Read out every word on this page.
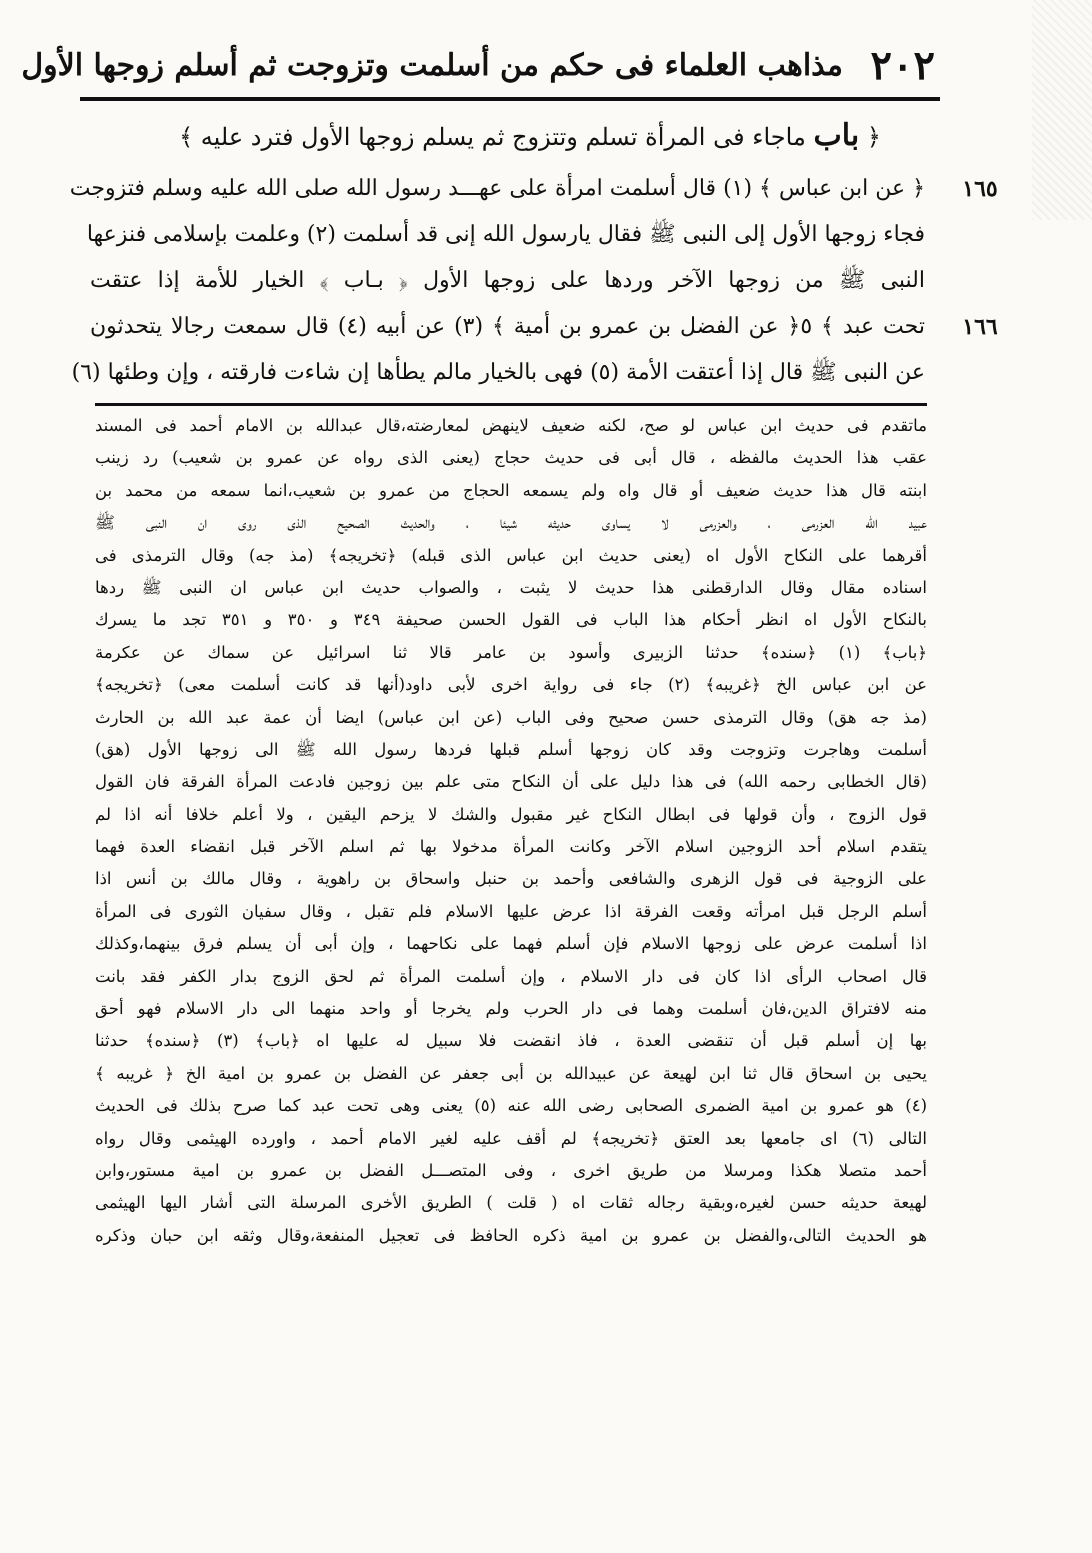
٢٠٢
مذاهب العلماء فى حكم من أسلمت وتزوجت ثم أسلم زوجها الأول
﴿ باب ماجاء فى المرأة تسلم وتتزوج ثم يسلم زوجها الأول فترد عليه ﴾
١٦٥
﴿ عن ابن عباس ﴾ (١) قال أسلمت امرأة على عهـــد رسول الله صلى الله عليه وسلم فتزوجت
فجاء زوجها الأول إلى النبى ﷺ فقال يارسول الله إنى قد أسلمت (٢) وعلمت بإسلامى فنزعها
النبى ﷺ من زوجها الآخر وردها على زوجها الأول ﴿ بـاب ﴾ الخيار للأمة إذا عتقت
١٦٦
تحت عبد ﴾ ٥﴿ عن الفضل بن عمرو بن أمية ﴾ (٣) عن أبيه (٤) قال سمعت رجالا يتحدثون
عن النبى ﷺ قال إذا أعتقت الأمة (٥) فهى بالخيار مالم يطأها إن شاءت فارقته ، وإن وطئها (٦)
ماتقدم فى حديث ابن عباس لو صح، لكنه ضعيف لاينهض لمعارضته،قال عبدالله بن الامام أحمد فى المسند
عقب هذا الحديث مالفظه ، قال أبى فى حديث حجاج (يعنى الذى رواه عن عمرو بن شعيب) رد زينب
ابنته قال هذا حديث ضعيف أو قال واه ولم يسمعه الحجاج من عمرو بن شعيب،انما سمعه من محمد بن
عبيد الله العزرمى ، والعزرمى لا يساوى حديثه شيئا ، والحديث الصحيح الذى روى ان النبى ﷺ
أقرهما على النكاح الأول اه (يعنى حديث ابن عباس الذى قبله) ﴿تخريجه﴾ (مذ جه) وقال الترمذى فى
اسناده مقال وقال الدارقطنى هذا حديث لا يثبت ، والصواب حديث ابن عباس ان النبى ﷺ ردها
بالنكاح الأول اه انظر أحكام هذا الباب فى القول الحسن صحيفة ٣٤٩ و ٣٥٠ و ٣٥١ تجد ما يسرك
﴿باب﴾ (١) ﴿سنده﴾ حدثنا الزبيرى وأسود بن عامر قالا ثنا اسرائيل عن سماك عن عكرمة
عن ابن عباس الخ ﴿غريبه﴾ (٢) جاء فى رواية اخرى لأبى داود(أنها قد كانت أسلمت معى) ﴿تخريجه﴾
(مذ جه هق) وقال الترمذى حسن صحيح وفى الباب (عن ابن عباس) ايضا أن عمة عبد الله بن الحارث
أسلمت وهاجرت وتزوجت وقد كان زوجها أسلم قبلها فردها رسول الله ﷺ الى زوجها الأول (هق)
(قال الخطابى رحمه الله) فى هذا دليل على أن النكاح متى علم بين زوجين فادعت المرأة الفرقة فان القول
قول الزوج ، وأن قولها فى ابطال النكاح غير مقبول والشك لا يزحم اليقين ، ولا أعلم خلافا أنه اذا لم
يتقدم اسلام أحد الزوجين اسلام الآخر وكانت المرأة مدخولا بها ثم اسلم الآخر قبل انقضاء العدة فهما
على الزوجية فى قول الزهرى والشافعى وأحمد بن حنبل واسحاق بن راهوية ، وقال مالك بن أنس اذا
أسلم الرجل قبل امرأته وقعت الفرقة اذا عرض عليها الاسلام فلم تقبل ، وقال سفيان الثورى فى المرأة
اذا أسلمت عرض على زوجها الاسلام فإن أسلم فهما على نكاحهما ، وإن أبى أن يسلم فرق بينهما،وكذلك
قال اصحاب الرأى اذا كان فى دار الاسلام ، وإن أسلمت المرأة ثم لحق الزوج بدار الكفر فقد بانت
منه لافتراق الدين،فان أسلمت وهما فى دار الحرب ولم يخرجا أو واحد منهما الى دار الاسلام فهو أحق
بها إن أسلم قبل أن تنقضى العدة ، فاذ انقضت فلا سبيل له عليها اه ﴿باب﴾ (٣) ﴿سنده﴾ حدثنا
يحيى بن اسحاق قال ثنا ابن لهيعة عن عبيدالله بن أبى جعفر عن الفضل بن عمرو بن امية الخ ﴿ غريبه ﴾
(٤) هو عمرو بن امية الضمرى الصحابى رضى الله عنه (٥) يعنى وهى تحت عبد كما صرح بذلك فى الحديث
التالى (٦) اى جامعها بعد العتق ﴿تخريجه﴾ لم أقف عليه لغير الامام أحمد ، واورده الهيثمى وقال رواه
أحمد متصلا هكذا ومرسلا من طريق اخرى ، وفى المتصـــل الفضل بن عمرو بن امية مستور،وابن
لهيعة حديثه حسن لغيره،وبقية رجاله ثقات اه ( قلت ) الطريق الأخرى المرسلة التى أشار اليها الهيثمى
هو الحديث التالى،والفضل بن عمرو بن امية ذكره الحافظ فى تعجيل المنفعة،وقال وثقه ابن حبان وذكره
